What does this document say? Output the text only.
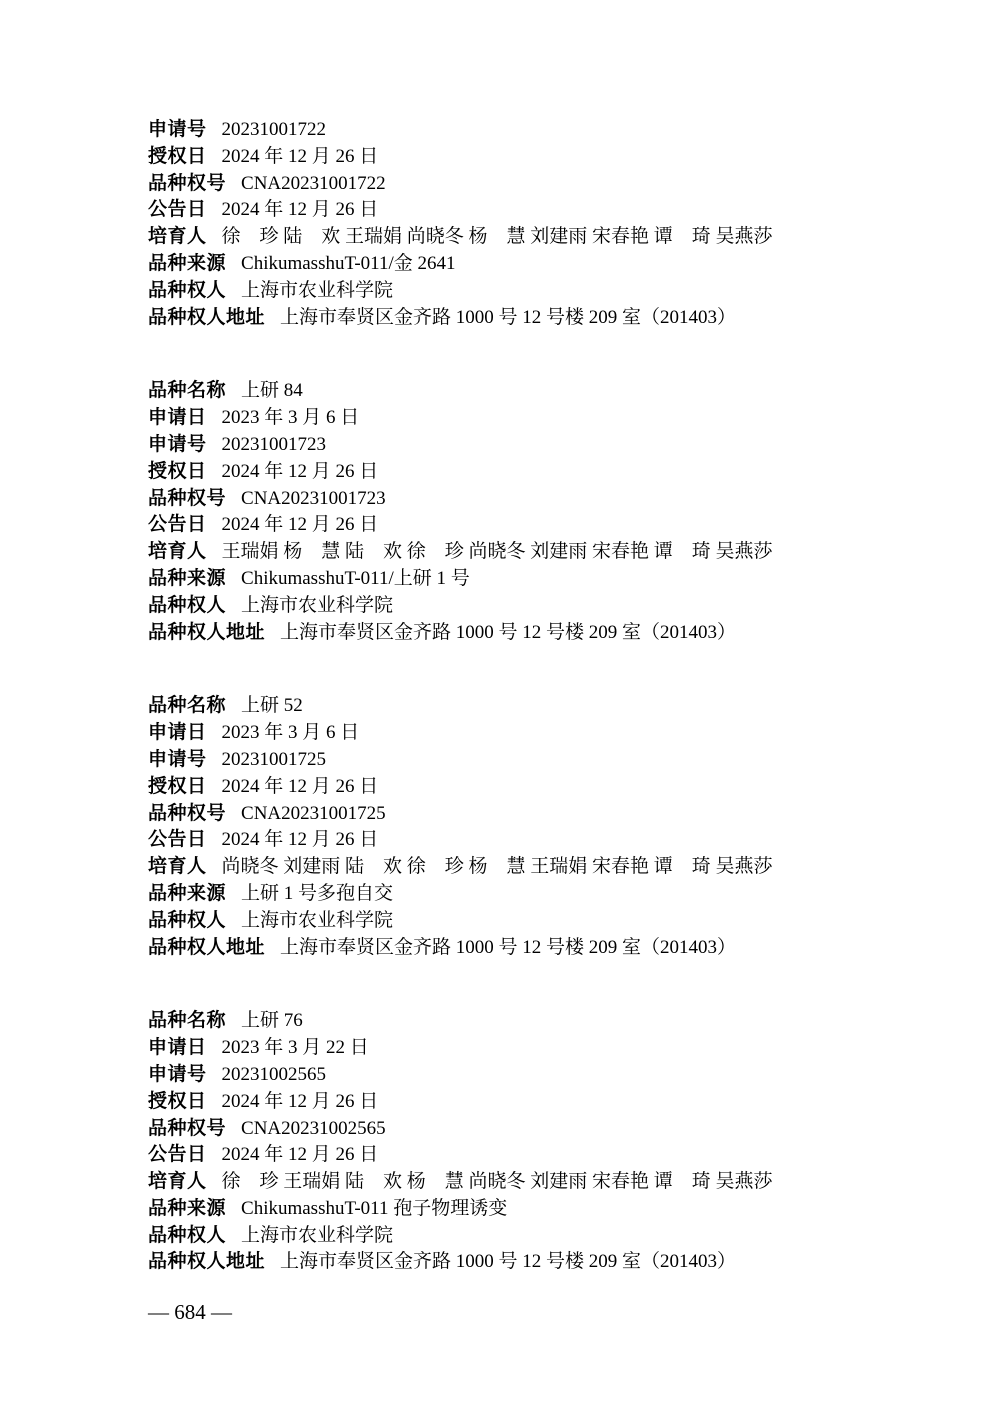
申请号 20231001722
授权日 2024 年 12 月 26 日
品种权号 CNA20231001722
公告日 2024 年 12 月 26 日
培育人 徐　珍 陆　欢 王瑞娟 尚晓冬 杨　慧 刘建雨 宋春艳 谭　琦 吴燕莎
品种来源 ChikumasshuT-011/金 2641
品种权人 上海市农业科学院
品种权人地址 上海市奉贤区金齐路 1000 号 12 号楼 209 室（201403）
品种名称 上研 84
申请日 2023 年 3 月 6 日
申请号 20231001723
授权日 2024 年 12 月 26 日
品种权号 CNA20231001723
公告日 2024 年 12 月 26 日
培育人 王瑞娟 杨　慧 陆　欢 徐　珍 尚晓冬 刘建雨 宋春艳 谭　琦 吴燕莎
品种来源 ChikumasshuT-011/上研 1 号
品种权人 上海市农业科学院
品种权人地址 上海市奉贤区金齐路 1000 号 12 号楼 209 室（201403）
品种名称 上研 52
申请日 2023 年 3 月 6 日
申请号 20231001725
授权日 2024 年 12 月 26 日
品种权号 CNA20231001725
公告日 2024 年 12 月 26 日
培育人 尚晓冬 刘建雨 陆　欢 徐　珍 杨　慧 王瑞娟 宋春艳 谭　琦 吴燕莎
品种来源 上研 1 号多孢自交
品种权人 上海市农业科学院
品种权人地址 上海市奉贤区金齐路 1000 号 12 号楼 209 室（201403）
品种名称 上研 76
申请日 2023 年 3 月 22 日
申请号 20231002565
授权日 2024 年 12 月 26 日
品种权号 CNA20231002565
公告日 2024 年 12 月 26 日
培育人 徐　珍 王瑞娟 陆　欢 杨　慧 尚晓冬 刘建雨 宋春艳 谭　琦 吴燕莎
品种来源 ChikumasshuT-011 孢子物理诱变
品种权人 上海市农业科学院
品种权人地址 上海市奉贤区金齐路 1000 号 12 号楼 209 室（201403）
— 684 —
